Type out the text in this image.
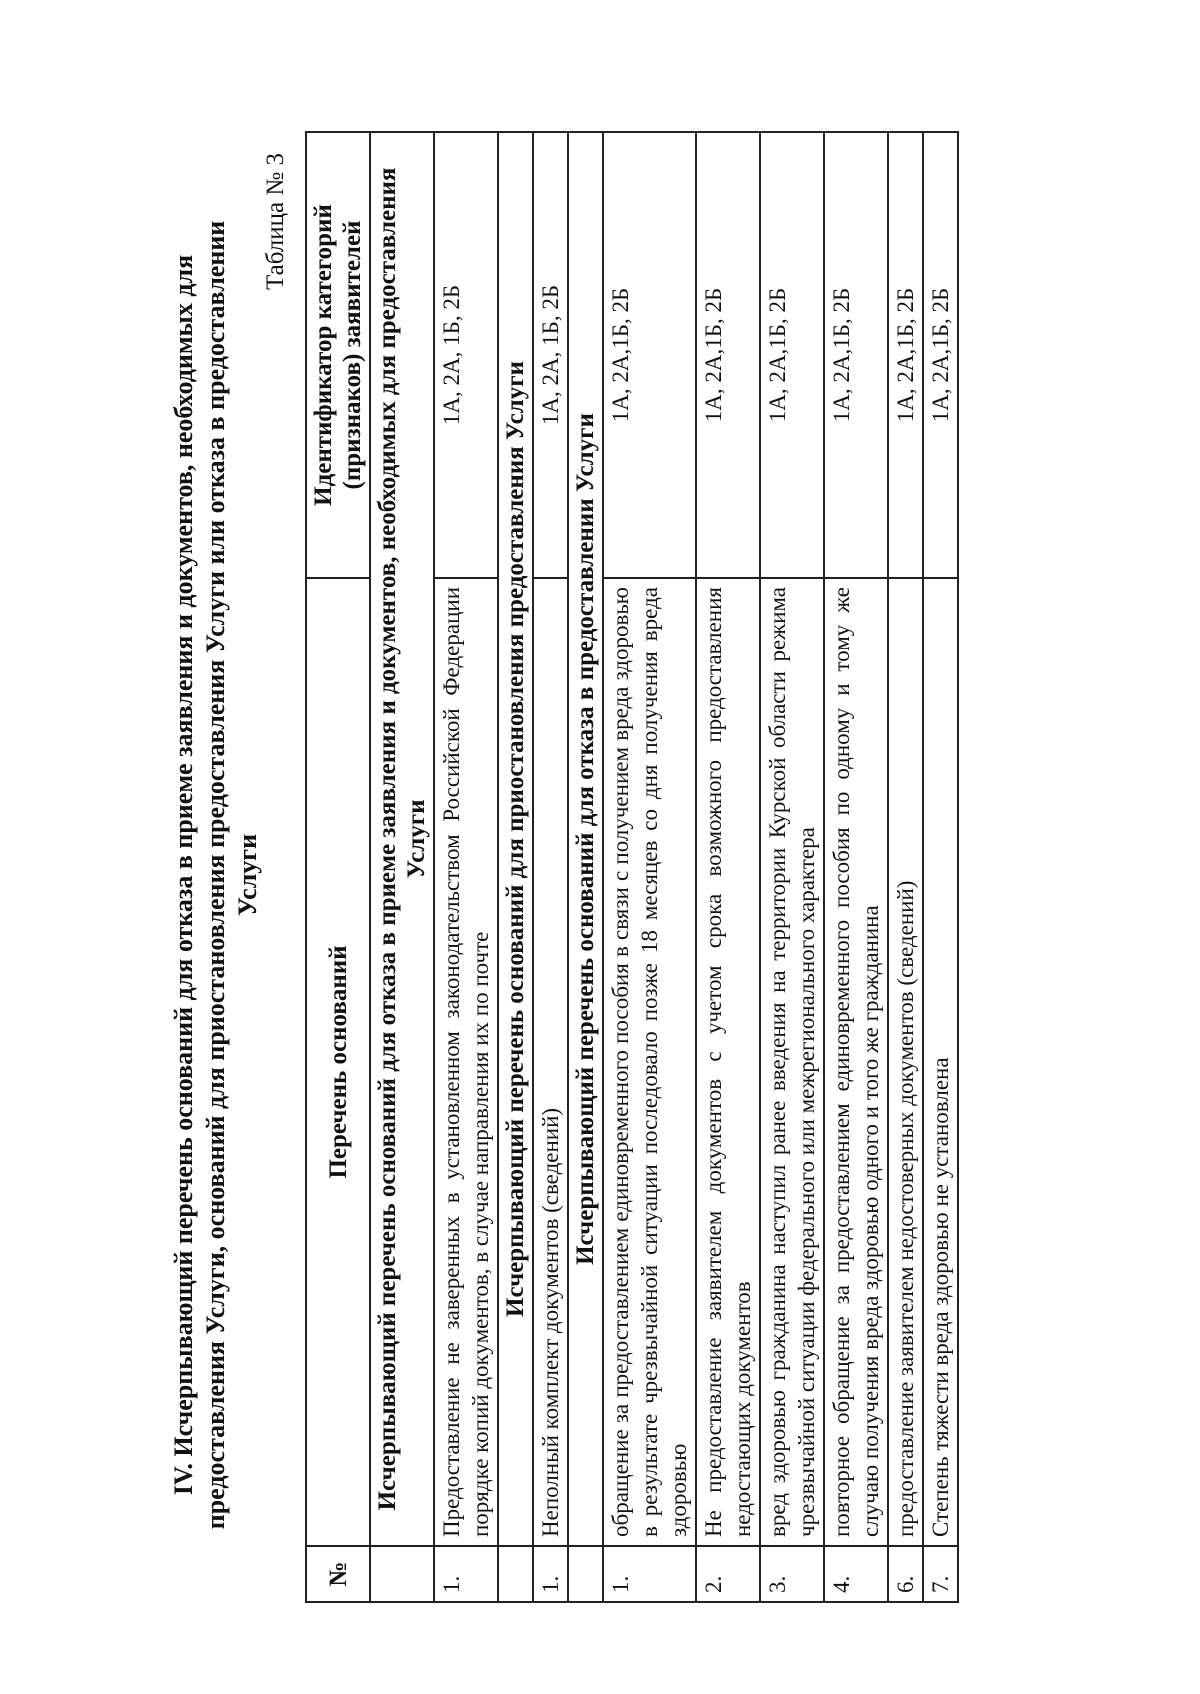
IV. Исчерпывающий перечень оснований для отказа в приеме заявления и документов, необходимых для предоставления Услуги, оснований для приостановления предоставления Услуги или отказа в предоставлении Услуги
Таблица № 3
№	Перечень оснований	Идентификатор категорий (признаков) заявителей
	Исчерпывающий перечень оснований для отказа в приеме заявления и документов, необходимых для предоставления Услуги	
1.	Предоставление не заверенных в установленном законодательством Российской Федерации порядке копий документов, в случае направления их по почте	1А, 2А, 1Б, 2Б
	Исчерпывающий перечень оснований для приостановления предоставления Услуги	
1.	Неполный комплект документов (сведений)	1А, 2А, 1Б, 2Б
	Исчерпывающий перечень оснований для отказа в предоставлении Услуги	
1.	обращение за предоставлением единовременного пособия в связи с получением вреда здоровью в результате чрезвычайной ситуации последовало позже 18 месяцев со дня получения вреда здоровью	1А, 2А,1Б, 2Б
2.	Не предоставление заявителем документов с учетом срока возможного предоставления недостающих документов	1А, 2А,1Б, 2Б
3.	вред здоровью гражданина наступил ранее введения на территории Курской области режима чрезвычайной ситуации федерального или межрегионального характера	1А, 2А,1Б, 2Б
4.	повторное обращение за предоставлением единовременного пособия по одному и тому же случаю получения вреда здоровью одного и того же гражданина	1А, 2А,1Б, 2Б
6.	предоставление заявителем недостоверных документов (сведений)	1А, 2А,1Б, 2Б
7.	Степень тяжести вреда здоровью не установлена	1А, 2А,1Б, 2Б
